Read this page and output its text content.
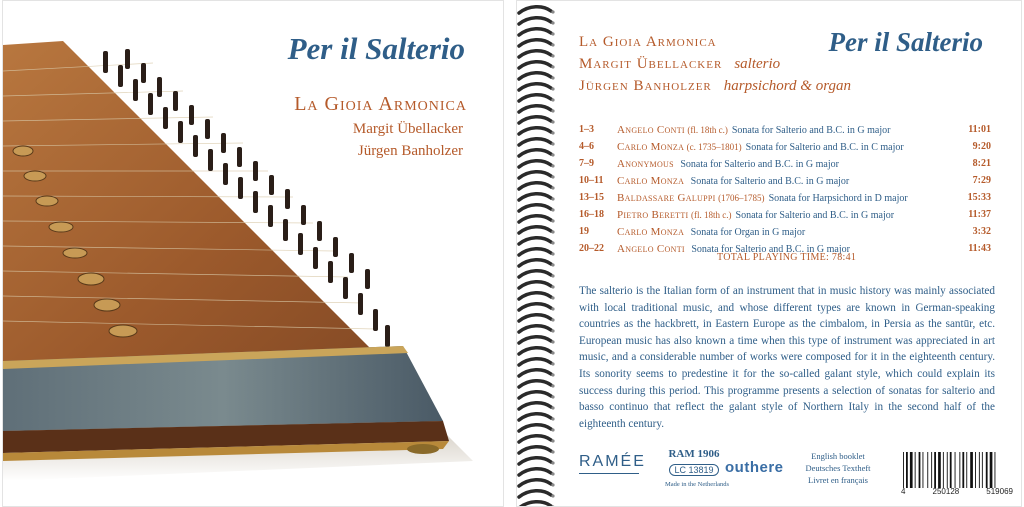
Per il Salterio
La Gioia Armonica
Margit Übellacker
Jürgen Banholzer
La Gioia Armonica
Margit Übellacker salterio
Jürgen Banholzer harpsichord & organ
Per il Salterio
1–3	Angelo Conti (fl. 18th c.) Sonata for Salterio and B.C. in G major	11:01
4–6	Carlo Monza (c. 1735–1801) Sonata for Salterio and B.C. in C major	9:20
7–9	Anonymous Sonata for Salterio and B.C. in G major	8:21
10–11	Carlo Monza Sonata for Salterio and B.C. in G major	7:29
13–15	Baldassare Galuppi (1706–1785) Sonata for Harpsichord in D major	15:33
16–18	Pietro Beretti (fl. 18th c.) Sonata for Salterio and B.C. in G major	11:37
19	Carlo Monza Sonata for Organ in G major	3:32
20–22	Angelo Conti Sonata for Salterio and B.C. in G major	11:43
TOTAL PLAYING TIME: 78:41

The salterio is the Italian form of an instrument that in music history was mainly associated with local traditional music, and whose different types are known in German-speaking countries as the hackbrett, in Eastern Europe as the cimbalom, in Persia as the santūr, etc. European music has also known a time when this type of instrument was appreciated in art music, and a considerable number of works were composed for it in the eighteenth century. Its sonority seems to predestine it for the so-called galant style, which could explain its success during this period. This programme presents a selection of sonatas for salterio and basso continuo that reflect the galant style of Northern Italy in the second half of the eighteenth century.

RAMÉE	RAM 1906
LC 13819
Made in the Netherlands
outhere
English booklet
Deutsches Textheft
Livret en français
4	250128	519069
